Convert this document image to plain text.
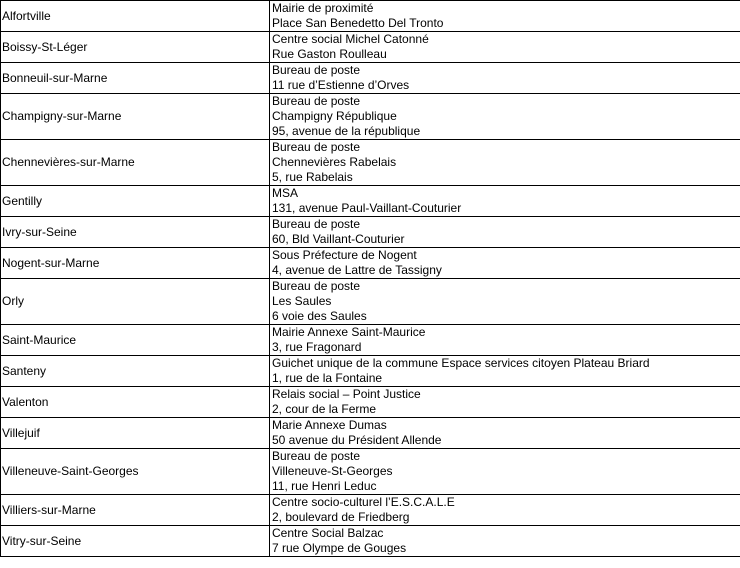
Alfortville	Mairie de proximité
Place San Benedetto Del Tronto

Boissy-St-Léger	Centre social Michel Catonné
Rue Gaston Roulleau

Bonneuil-sur-Marne	Bureau de poste
11 rue d’Estienne d’Orves

Champigny-sur-Marne	Bureau de poste
Champigny République
95, avenue de la république

Chennevières-sur-Marne	Bureau de poste
Chennevières Rabelais
5, rue Rabelais

Gentilly	MSA
131, avenue Paul-Vaillant-Couturier

Ivry-sur-Seine	Bureau de poste
60, Bld Vaillant-Couturier

Nogent-sur-Marne	Sous Préfecture de Nogent
4, avenue de Lattre de Tassigny

Orly	Bureau de poste
Les Saules
6 voie des Saules

Saint-Maurice	Mairie Annexe Saint-Maurice
3, rue Fragonard

Santeny	Guichet unique de la commune Espace services citoyen Plateau Briard
1, rue de la Fontaine

Valenton	Relais social – Point Justice
2, cour de la Ferme

Villejuif	Marie Annexe Dumas
50 avenue du Président Allende

Villeneuve-Saint-Georges	Bureau de poste
Villeneuve-St-Georges
11, rue Henri Leduc

Villiers-sur-Marne	Centre socio-culturel l’E.S.C.A.L.E
2, boulevard de Friedberg

Vitry-sur-Seine	Centre Social Balzac
7 rue Olympe de Gouges
